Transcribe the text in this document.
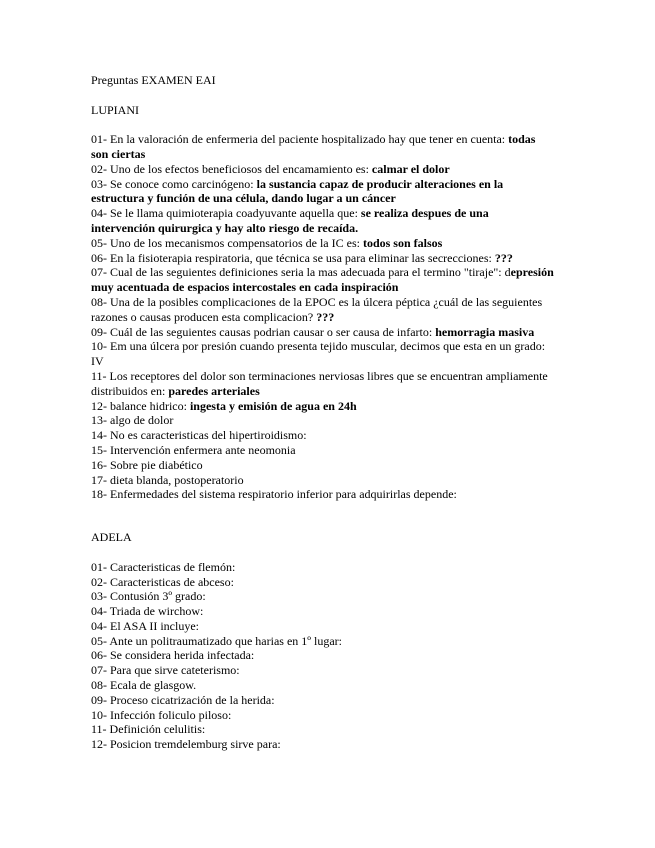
Preguntas EXAMEN EAI

LUPIANI

01- En la valoración de enfermeria del paciente hospitalizado hay que tener en cuenta: todas son ciertas

02- Uno de los efectos beneficiosos del encamamiento es: calmar el dolor

03- Se conoce como carcinógeno: la sustancia capaz de producir alteraciones en la estructura y función de una célula, dando lugar a un cáncer

04- Se le llama quimioterapia coadyuvante aquella que: se realiza despues de una intervención quirurgica y hay alto riesgo de recaída.

05- Uno de los mecanismos compensatorios de la IC es: todos son falsos

06- En la fisioterapia respiratoria, que técnica se usa para eliminar las secrecciones: ???

07- Cual de las seguientes definiciones seria la mas adecuada para el termino "tiraje": depresión muy acentuada de espacios intercostales en cada inspiración

08- Una de la posibles complicaciones de la EPOC es la úlcera péptica ¿cuál de las seguientes razones o causas producen esta complicacion? ???

09- Cuál de las seguientes causas podrian causar o ser causa de infarto: hemorragia masiva

10- Em una úlcera por presión cuando presenta tejido muscular, decimos que esta en un grado: IV

11- Los receptores del dolor son terminaciones nerviosas libres que se encuentran ampliamente distribuidos en: paredes arteriales

12- balance hidrico: ingesta y emisión de agua en 24h

13- algo de dolor

14- No es caracteristicas del hipertiroidismo:

15- Intervención enfermera ante neomonia

16- Sobre pie diabético

17- dieta blanda, postoperatorio

18- Enfermedades del sistema respiratorio inferior para adquirirlas depende:

ADELA

01- Caracteristicas de flemón:

02- Caracteristicas de abceso:

03- Contusión 3º grado:

04- Triada de wirchow:

04- El ASA II incluye:

05- Ante un politraumatizado que harias en 1º lugar:

06- Se considera herida infectada:

07- Para que sirve cateterismo:

08- Ecala de glasgow.

09- Proceso cicatrización de la herida:

10- Infección foliculo piloso:

11- Definición celulitis:

12- Posicion tremdelemburg sirve para:
